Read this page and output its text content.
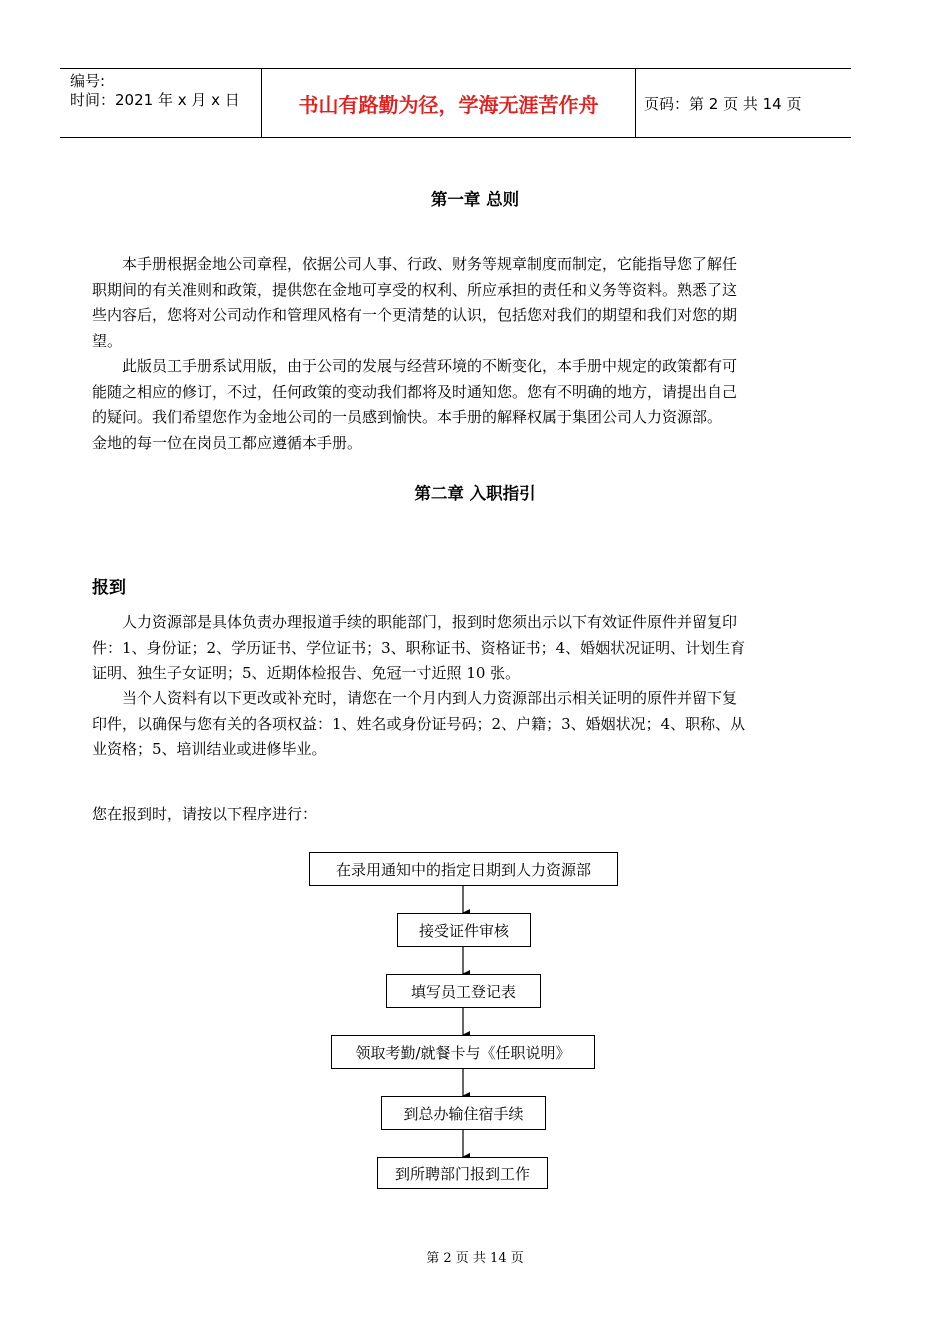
编号:
时间：2021 年 x 月 x 日	书山有路勤为径，学海无涯苦作舟	页码：第 2 页 共 14 页
第一章 总则
　　本手册根据金地公司章程，依据公司人事、行政、财务等规章制度而制定，它能指导您了解任
职期间的有关准则和政策，提供您在金地可享受的权利、所应承担的责任和义务等资料。熟悉了这
些内容后，您将对公司动作和管理风格有一个更清楚的认识，包括您对我们的期望和我们对您的期
望。
　　此版员工手册系试用版，由于公司的发展与经营环境的不断变化，本手册中规定的政策都有可
能随之相应的修订，不过，任何政策的变动我们都将及时通知您。您有不明确的地方，请提出自己
的疑问。我们希望您作为金地公司的一员感到愉快。本手册的解释权属于集团公司人力资源部。
金地的每一位在岗员工都应遵循本手册。
第二章 入职指引
报到
　　人力资源部是具体负责办理报道手续的职能部门，报到时您须出示以下有效证件原件并留复印
件：1、身份证；2、学历证书、学位证书；3、职称证书、资格证书；4、婚姻状况证明、计划生育
证明、独生子女证明；5、近期体检报告、免冠一寸近照 10 张。
　　当个人资料有以下更改或补充时，请您在一个月内到人力资源部出示相关证明的原件并留下复
印件，以确保与您有关的各项权益：1、姓名或身份证号码；2、户籍；3、婚姻状况；4、职称、从
业资格；5、培训结业或进修毕业。
您在报到时，请按以下程序进行：
在录用通知中的指定日期到人力资源部
接受证件审核
填写员工登记表
领取考勤/就餐卡与《任职说明》
到总办输住宿手续
到所聘部门报到工作
第 2 页 共 14 页
